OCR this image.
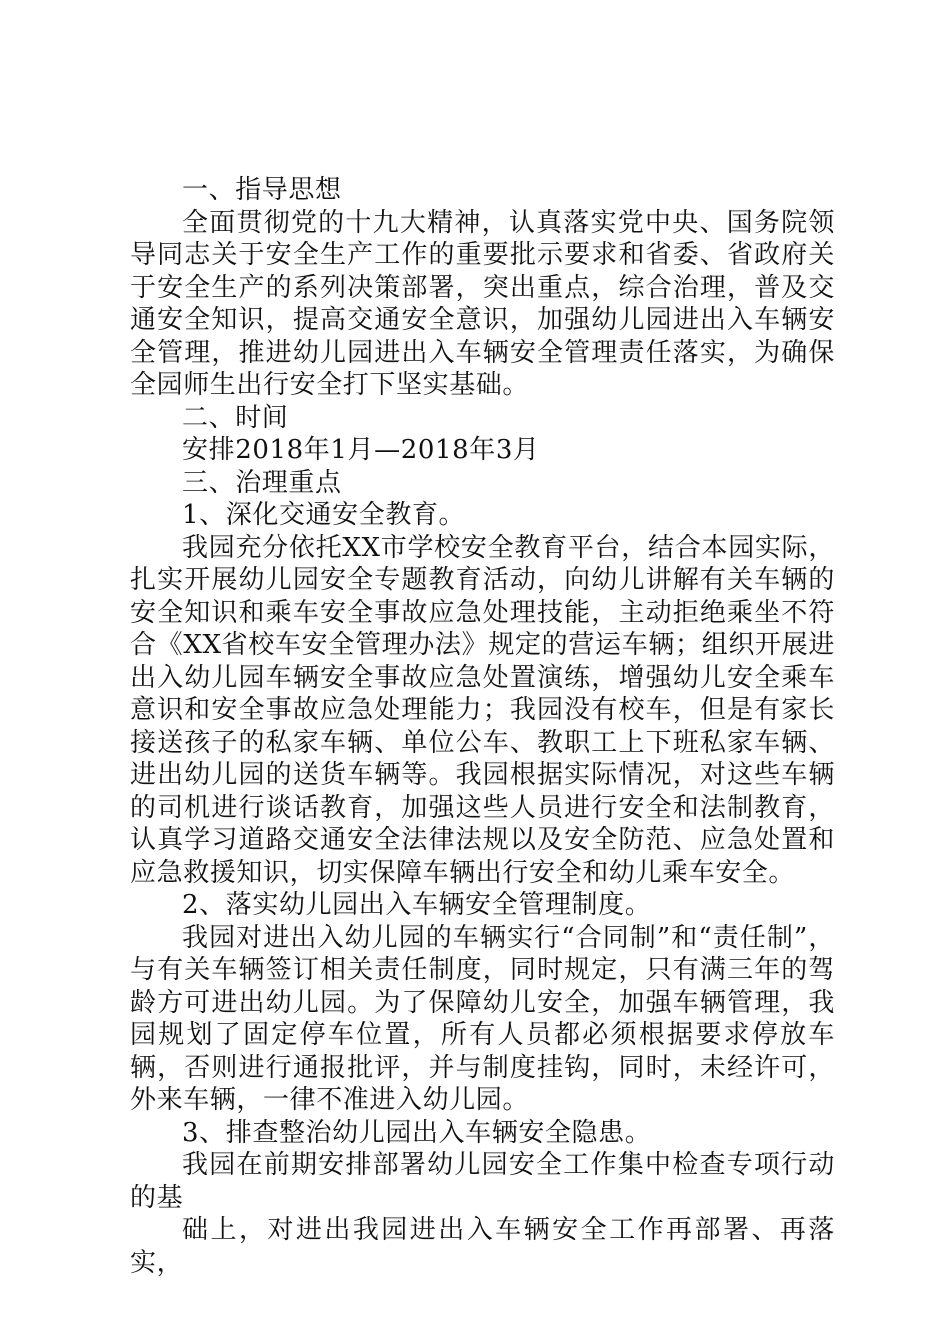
一、指导思想

全面贯彻党的十九大精神，认真落实党中央、国务院领导同志关于安全生产工作的重要批示要求和省委、省政府关于安全生产的系列决策部署，突出重点，综合治理，普及交通安全知识，提高交通安全意识，加强幼儿园进出入车辆安全管理，推进幼儿园进出入车辆安全管理责任落实，为确保全园师生出行安全打下坚实基础。

二、时间

安排2018年1月—2018年3月

三、治理重点

1、深化交通安全教育。

我园充分依托XX市学校安全教育平台，结合本园实际，扎实开展幼儿园安全专题教育活动，向幼儿讲解有关车辆的安全知识和乘车安全事故应急处理技能，主动拒绝乘坐不符合《XX省校车安全管理办法》规定的营运车辆；组织开展进出入幼儿园车辆安全事故应急处置演练，增强幼儿安全乘车意识和安全事故应急处理能力；我园没有校车，但是有家长接送孩子的私家车辆、单位公车、教职工上下班私家车辆、进出幼儿园的送货车辆等。我园根据实际情况，对这些车辆的司机进行谈话教育，加强这些人员进行安全和法制教育，认真学习道路交通安全法律法规以及安全防范、应急处置和应急救援知识，切实保障车辆出行安全和幼儿乘车安全。

2、落实幼儿园出入车辆安全管理制度。

我园对进出入幼儿园的车辆实行“合同制”和“责任制”，与有关车辆签订相关责任制度，同时规定，只有满三年的驾龄方可进出幼儿园。为了保障幼儿安全，加强车辆管理，我园规划了固定停车位置，所有人员都必须根据要求停放车辆，否则进行通报批评，并与制度挂钩，同时，未经许可，外来车辆，一律不准进入幼儿园。

3、排查整治幼儿园出入车辆安全隐患。

我园在前期安排部署幼儿园安全工作集中检查专项行动的基

础上，对进出我园进出入车辆安全工作再部署、再落实，
